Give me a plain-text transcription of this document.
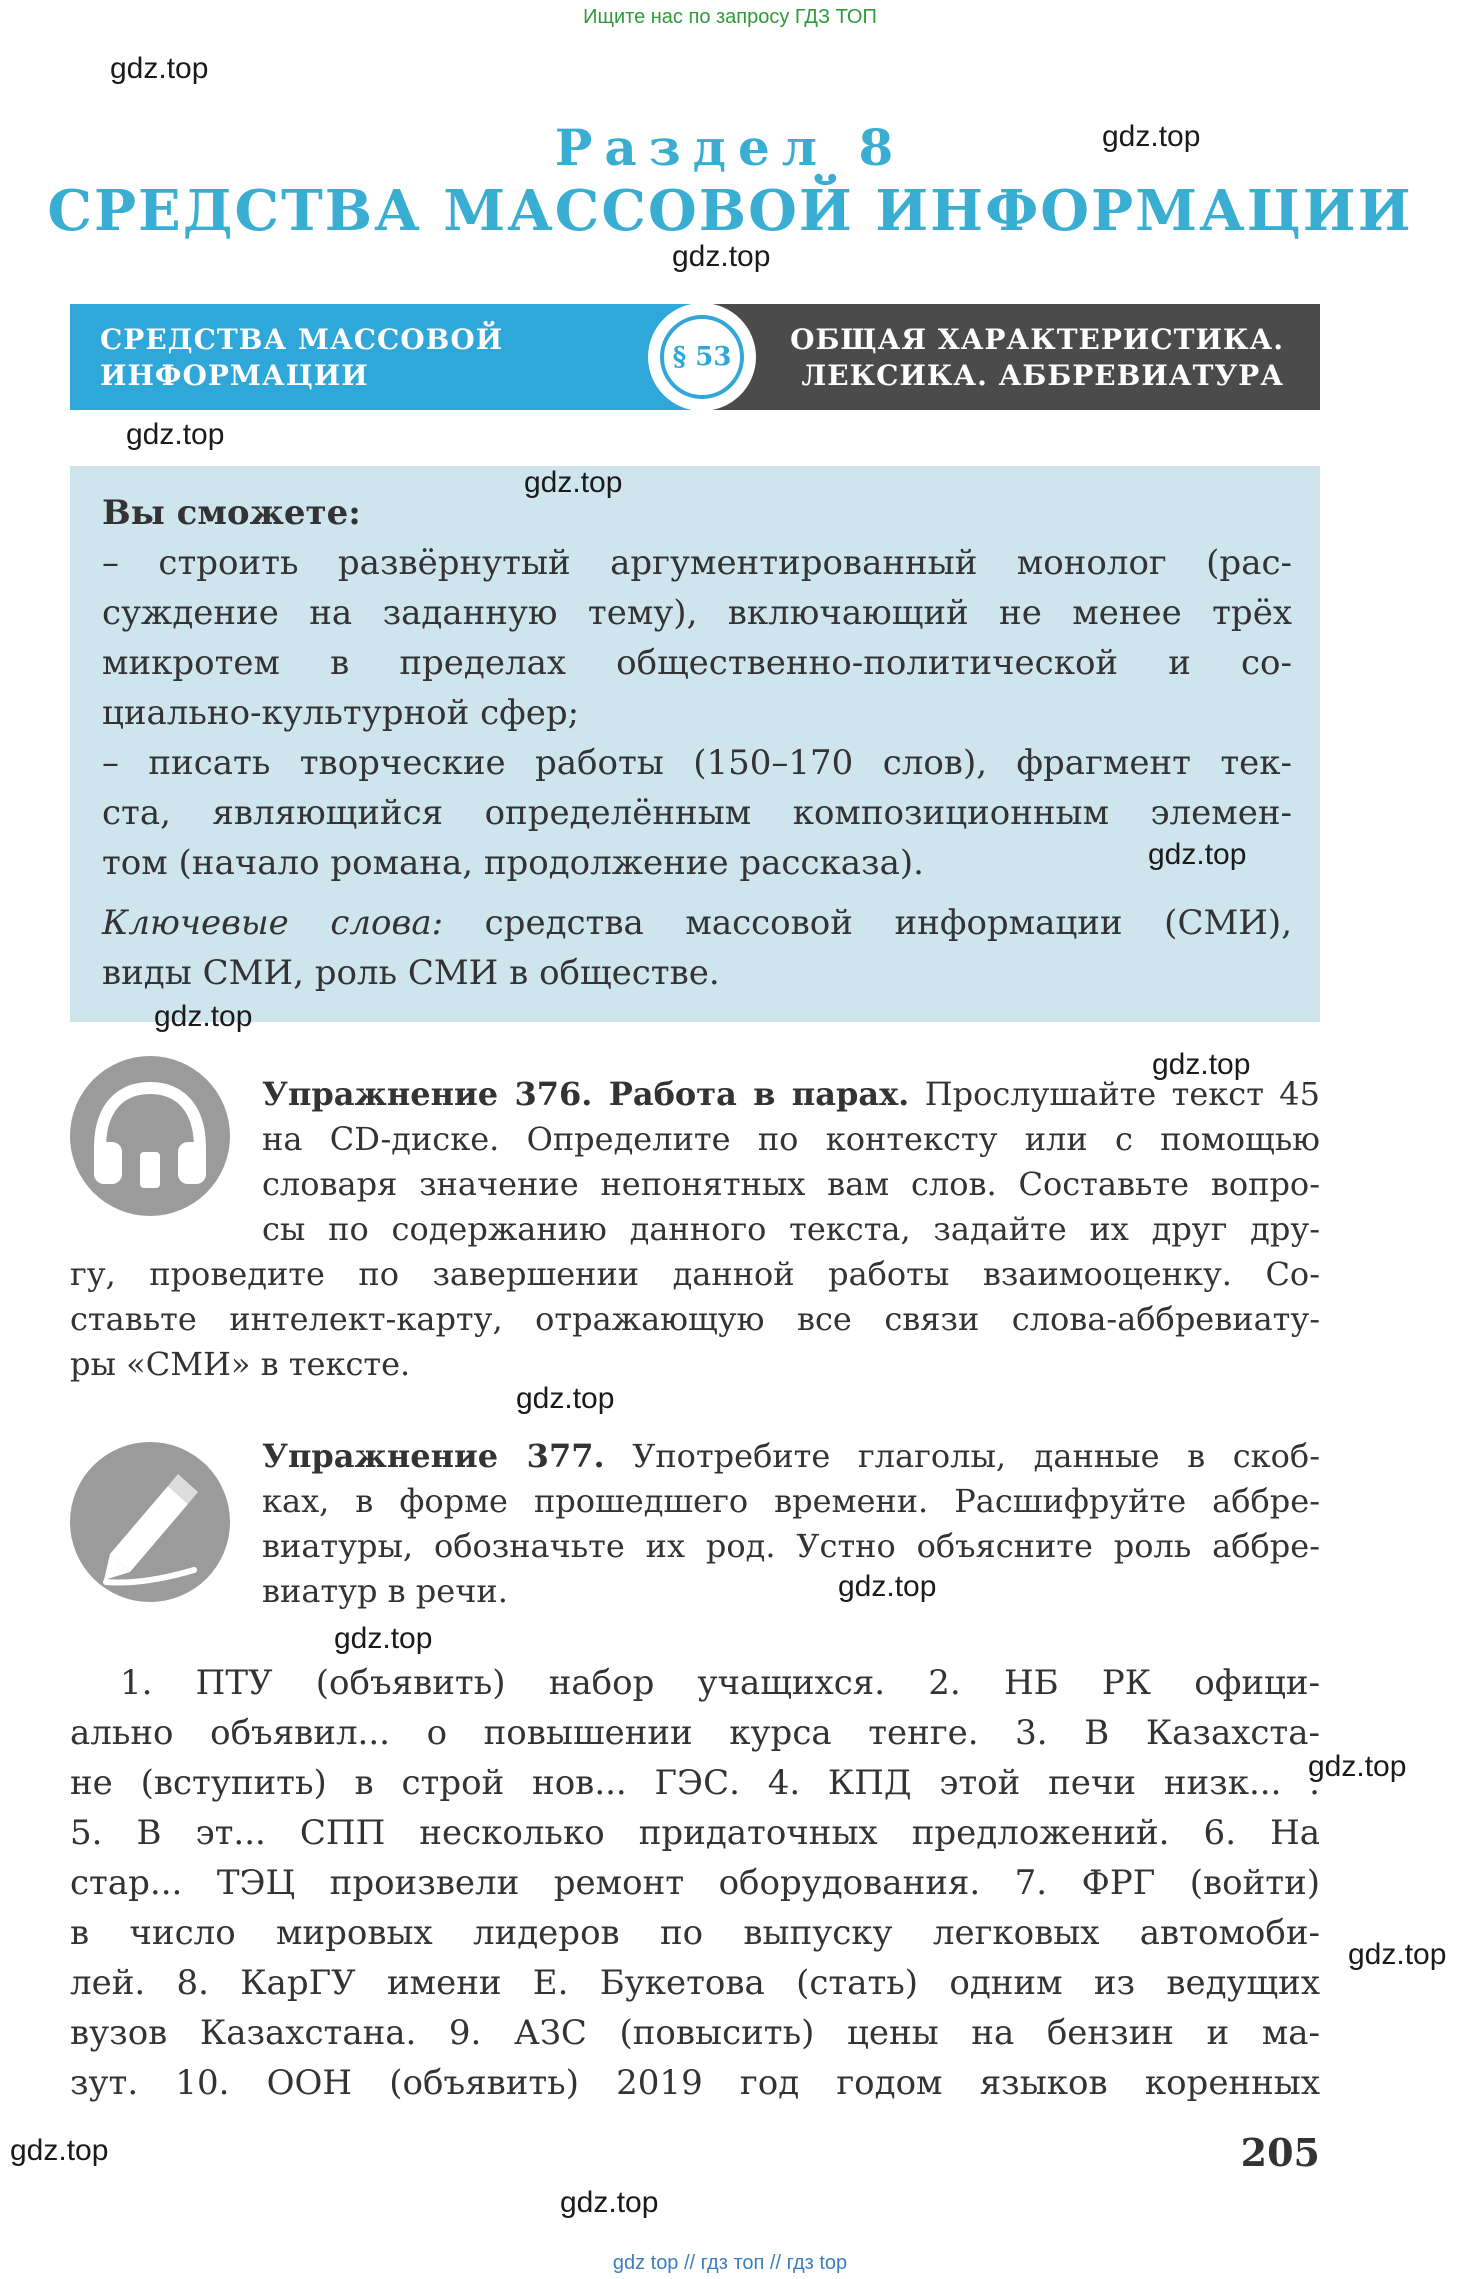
Ищите нас по запросу ГДЗ ТОП
Раздел 8
СРЕДСТВА МАССОВОЙ ИНФОРМАЦИИ
СРЕДСТВА МАССОВОЙ
ИНФОРМАЦИИ
ОБЩАЯ ХАРАКТЕРИСТИКА.
ЛЕКСИКА. АББРЕВИАТУРА
§ 53
Вы сможете:
– строить развёрнутый аргументированный монолог (рас-
суждение на заданную тему), включающий не менее трёх
микротем в пределах общественно-политической и со-
циально-культурной сфер;
– писать творческие работы (150–170 слов), фрагмент тек-
ста, являющийся определённым композиционным элемен-
том (начало романа, продолжение рассказа).
Ключевые слова: средства массовой информации (СМИ),
виды СМИ, роль СМИ в обществе.
Упражнение 376. Работа в парах. Прослушайте текст 45
на CD-диске. Определите по контексту или с помощью
словаря значение непонятных вам слов. Составьте вопро-
сы по содержанию данного текста, задайте их друг дру-
гу, проведите по завершении данной работы взаимооценку. Со-
ставьте интелект-карту, отражающую все связи слова-аббревиату-
ры «СМИ» в тексте.
Упражнение 377. Употребите глаголы, данные в скоб-
ках, в форме прошедшего времени. Расшифруйте аббре-
виатуры, обозначьте их род. Устно объясните роль аббре-
виатур в речи.
1. ПТУ (объявить) набор учащихся. 2. НБ РК офици-
ально объявил... о повышении курса тенге. 3. В Казахста-
не (вступить) в строй нов... ГЭС. 4. КПД этой печи низк... .
5. В эт... СПП несколько придаточных предложений. 6. На
стар... ТЭЦ произвели ремонт оборудования. 7. ФРГ (войти)
в число мировых лидеров по выпуску легковых автомоби-
лей. 8. КарГУ имени Е. Букетова (стать) одним из ведущих
вузов Казахстана. 9. АЗС (повысить) цены на бензин и ма-
зут. 10. ООН (объявить) 2019 год годом языков коренных
205
gdz.top
gdz.top
gdz.top
gdz.top
gdz.top
gdz.top
gdz.top
gdz.top
gdz.top
gdz.top
gdz.top
gdz.top
gdz.top
gdz.top
gdz.top
gdz top // гдз топ // гдз top
